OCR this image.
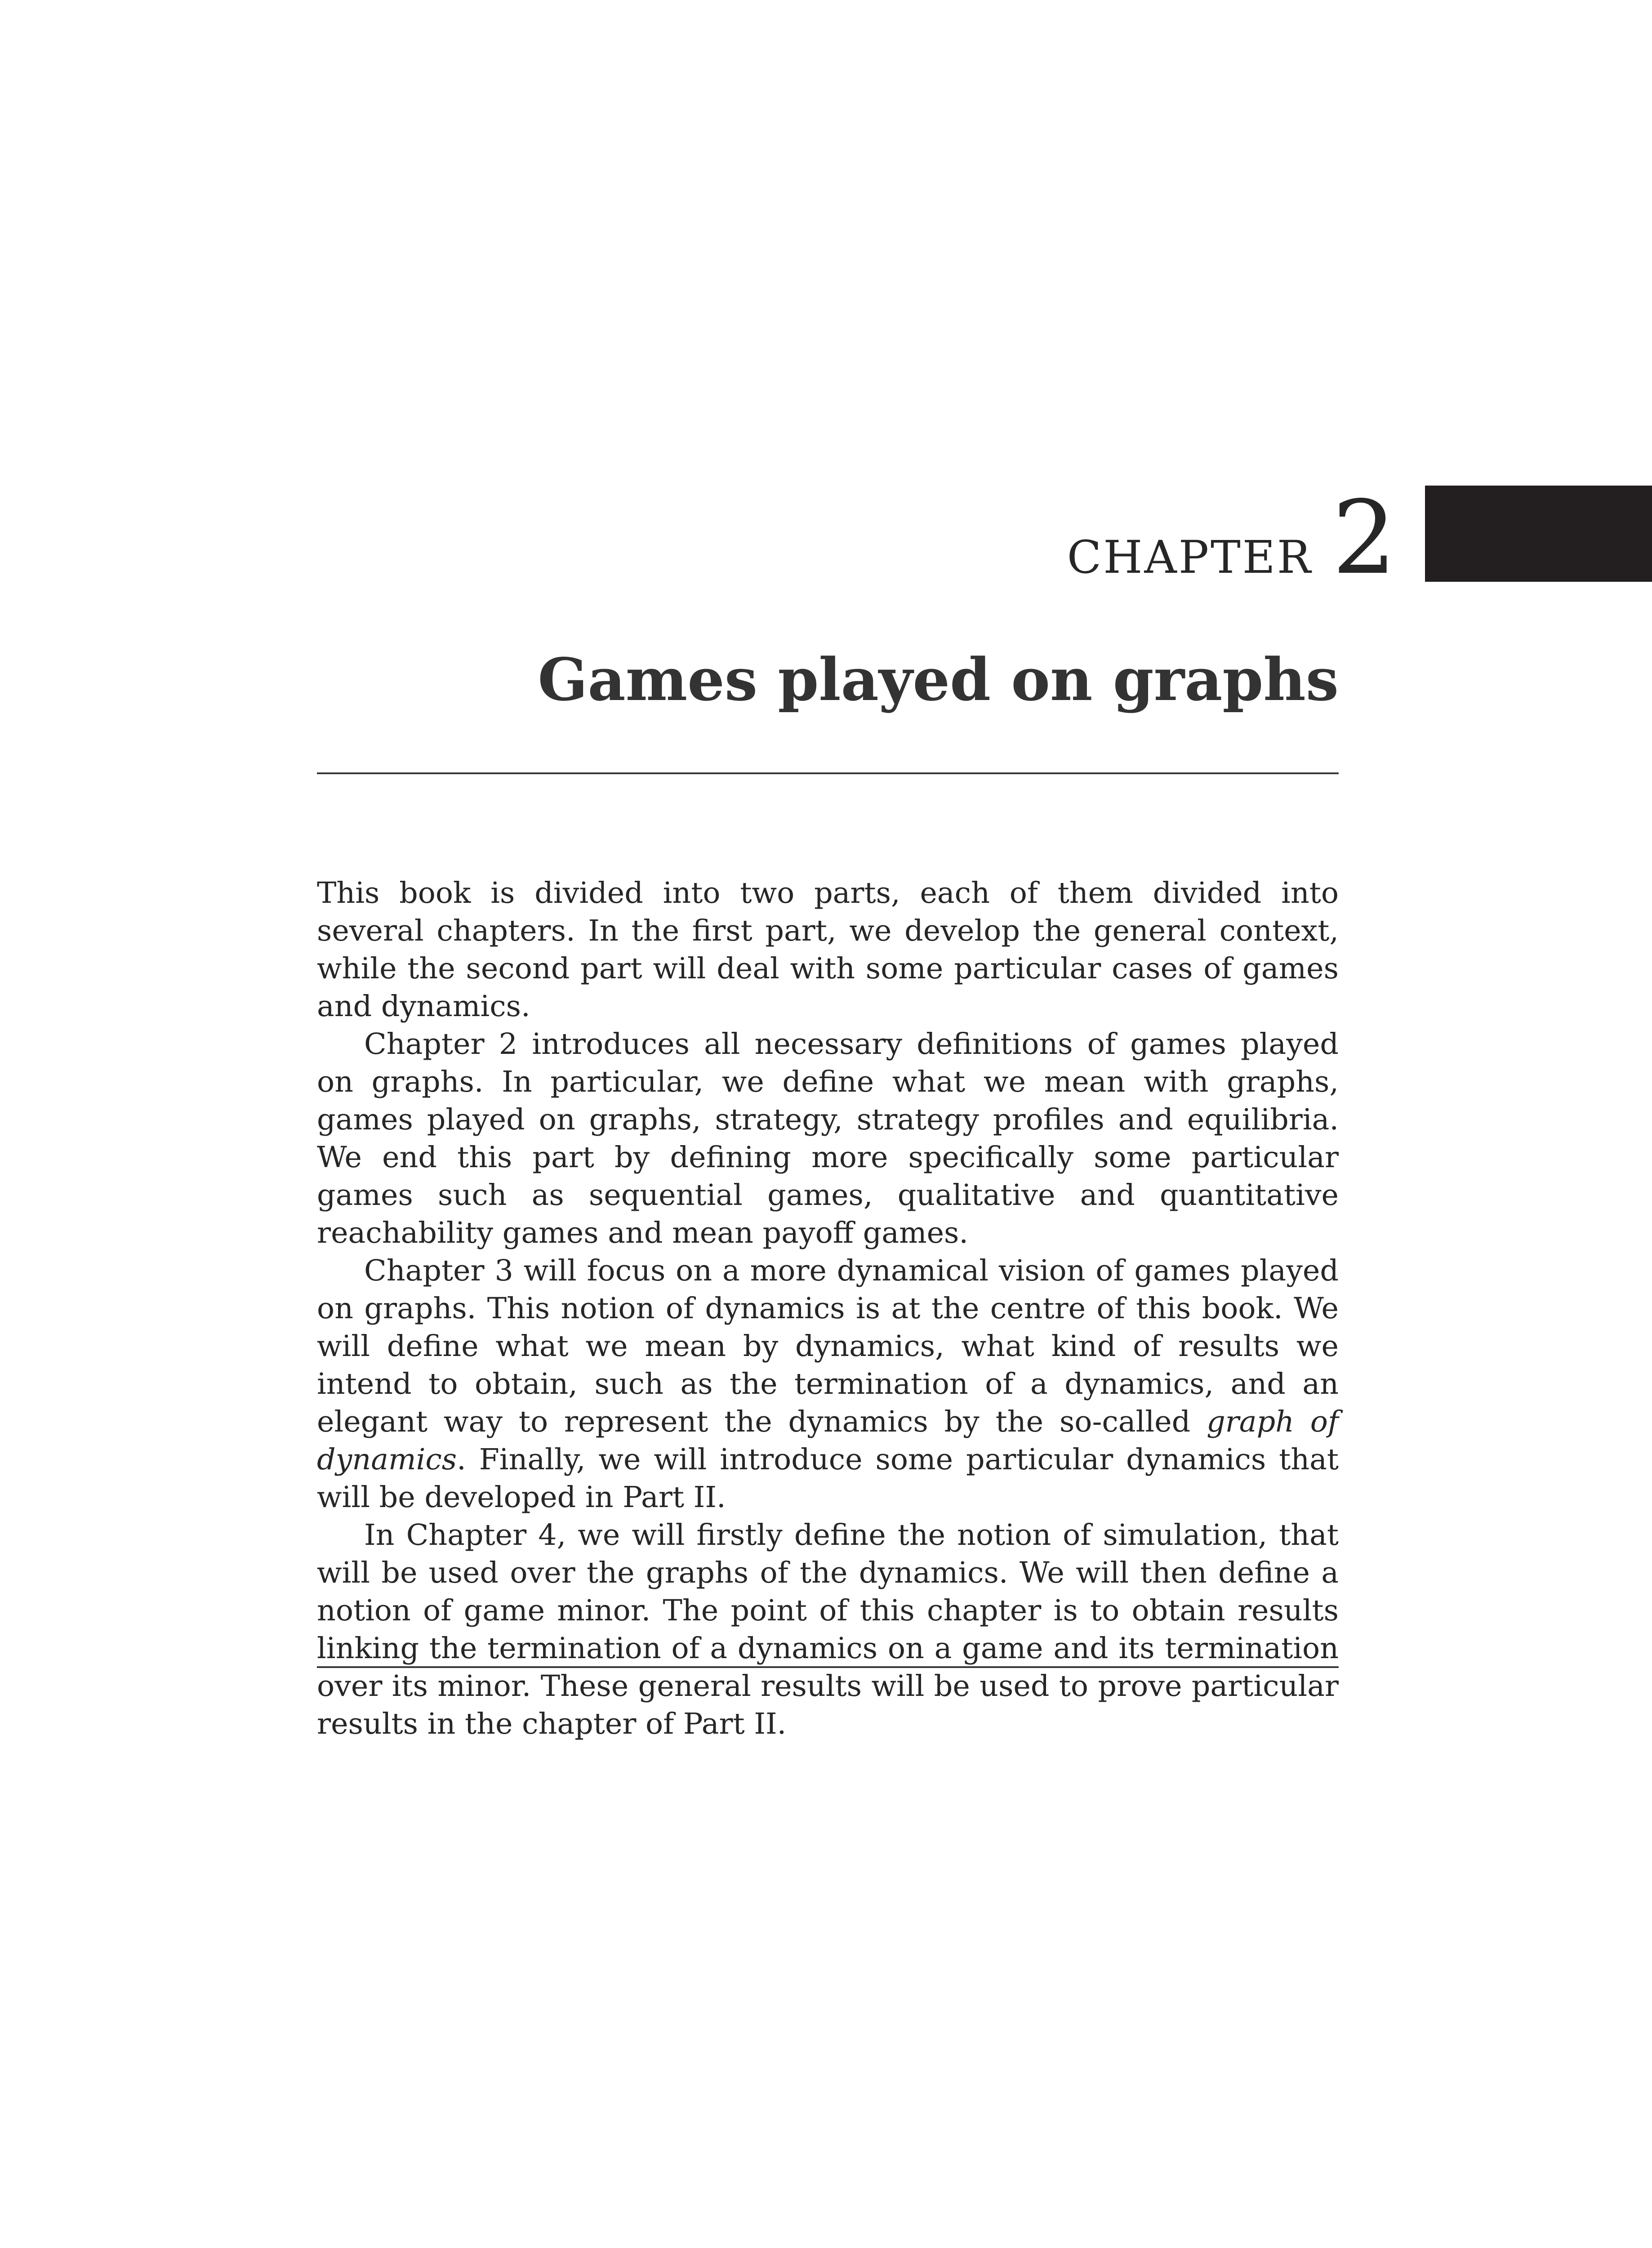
CHAPTER 2
Games played on graphs

This book is divided into two parts, each of them divided into several chapters. In the first part, we develop the general context, while the second part will deal with some particular cases of games and dynamics.

Chapter 2 introduces all necessary definitions of games played on graphs. In particular, we define what we mean with graphs, games played on graphs, strategy, strategy profiles and equilibria. We end this part by defining more specifically some particular games such as sequential games, qualitative and quantitative reachability games and mean payoff games.

Chapter 3 will focus on a more dynamical vision of games played on graphs. This notion of dynamics is at the centre of this book. We will define what we mean by dynamics, what kind of results we intend to obtain, such as the termination of a dynamics, and an elegant way to represent the dynamics by the so-called graph of dynamics. Finally, we will introduce some particular dynamics that will be developed in Part II.

In Chapter 4, we will firstly define the notion of simulation, that will be used over the graphs of the dynamics. We will then define a notion of game minor. The point of this chapter is to obtain results linking the termination of a dynamics on a game and its termination over its minor. These general results will be used to prove particular results in the chapter of Part II.
